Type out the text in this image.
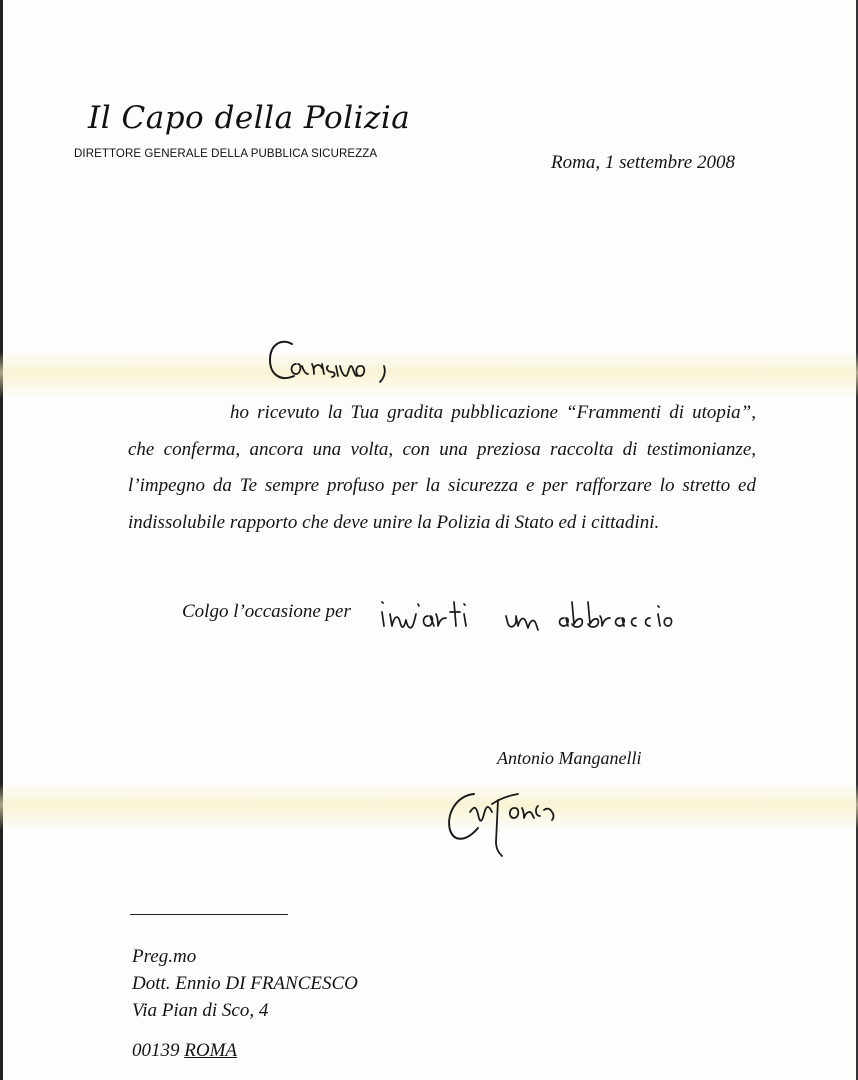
Il Capo della Polizia
DIRETTORE GENERALE DELLA PUBBLICA SICUREZZA	Roma, 1 settembre 2008

ho ricevuto la Tua gradita pubblicazione “Frammenti di utopia”, che conferma, ancora una volta, con una preziosa raccolta di testimonianze, l’impegno da Te sempre profuso per la sicurezza e per rafforzare lo stretto ed indissolubile rapporto che deve unire la Polizia di Stato ed i cittadini.

Colgo l’occasione per
Antonio Manganelli
Preg.mo
Dott. Ennio DI FRANCESCO
Via Pian di Sco, 4
00139 ROMA
